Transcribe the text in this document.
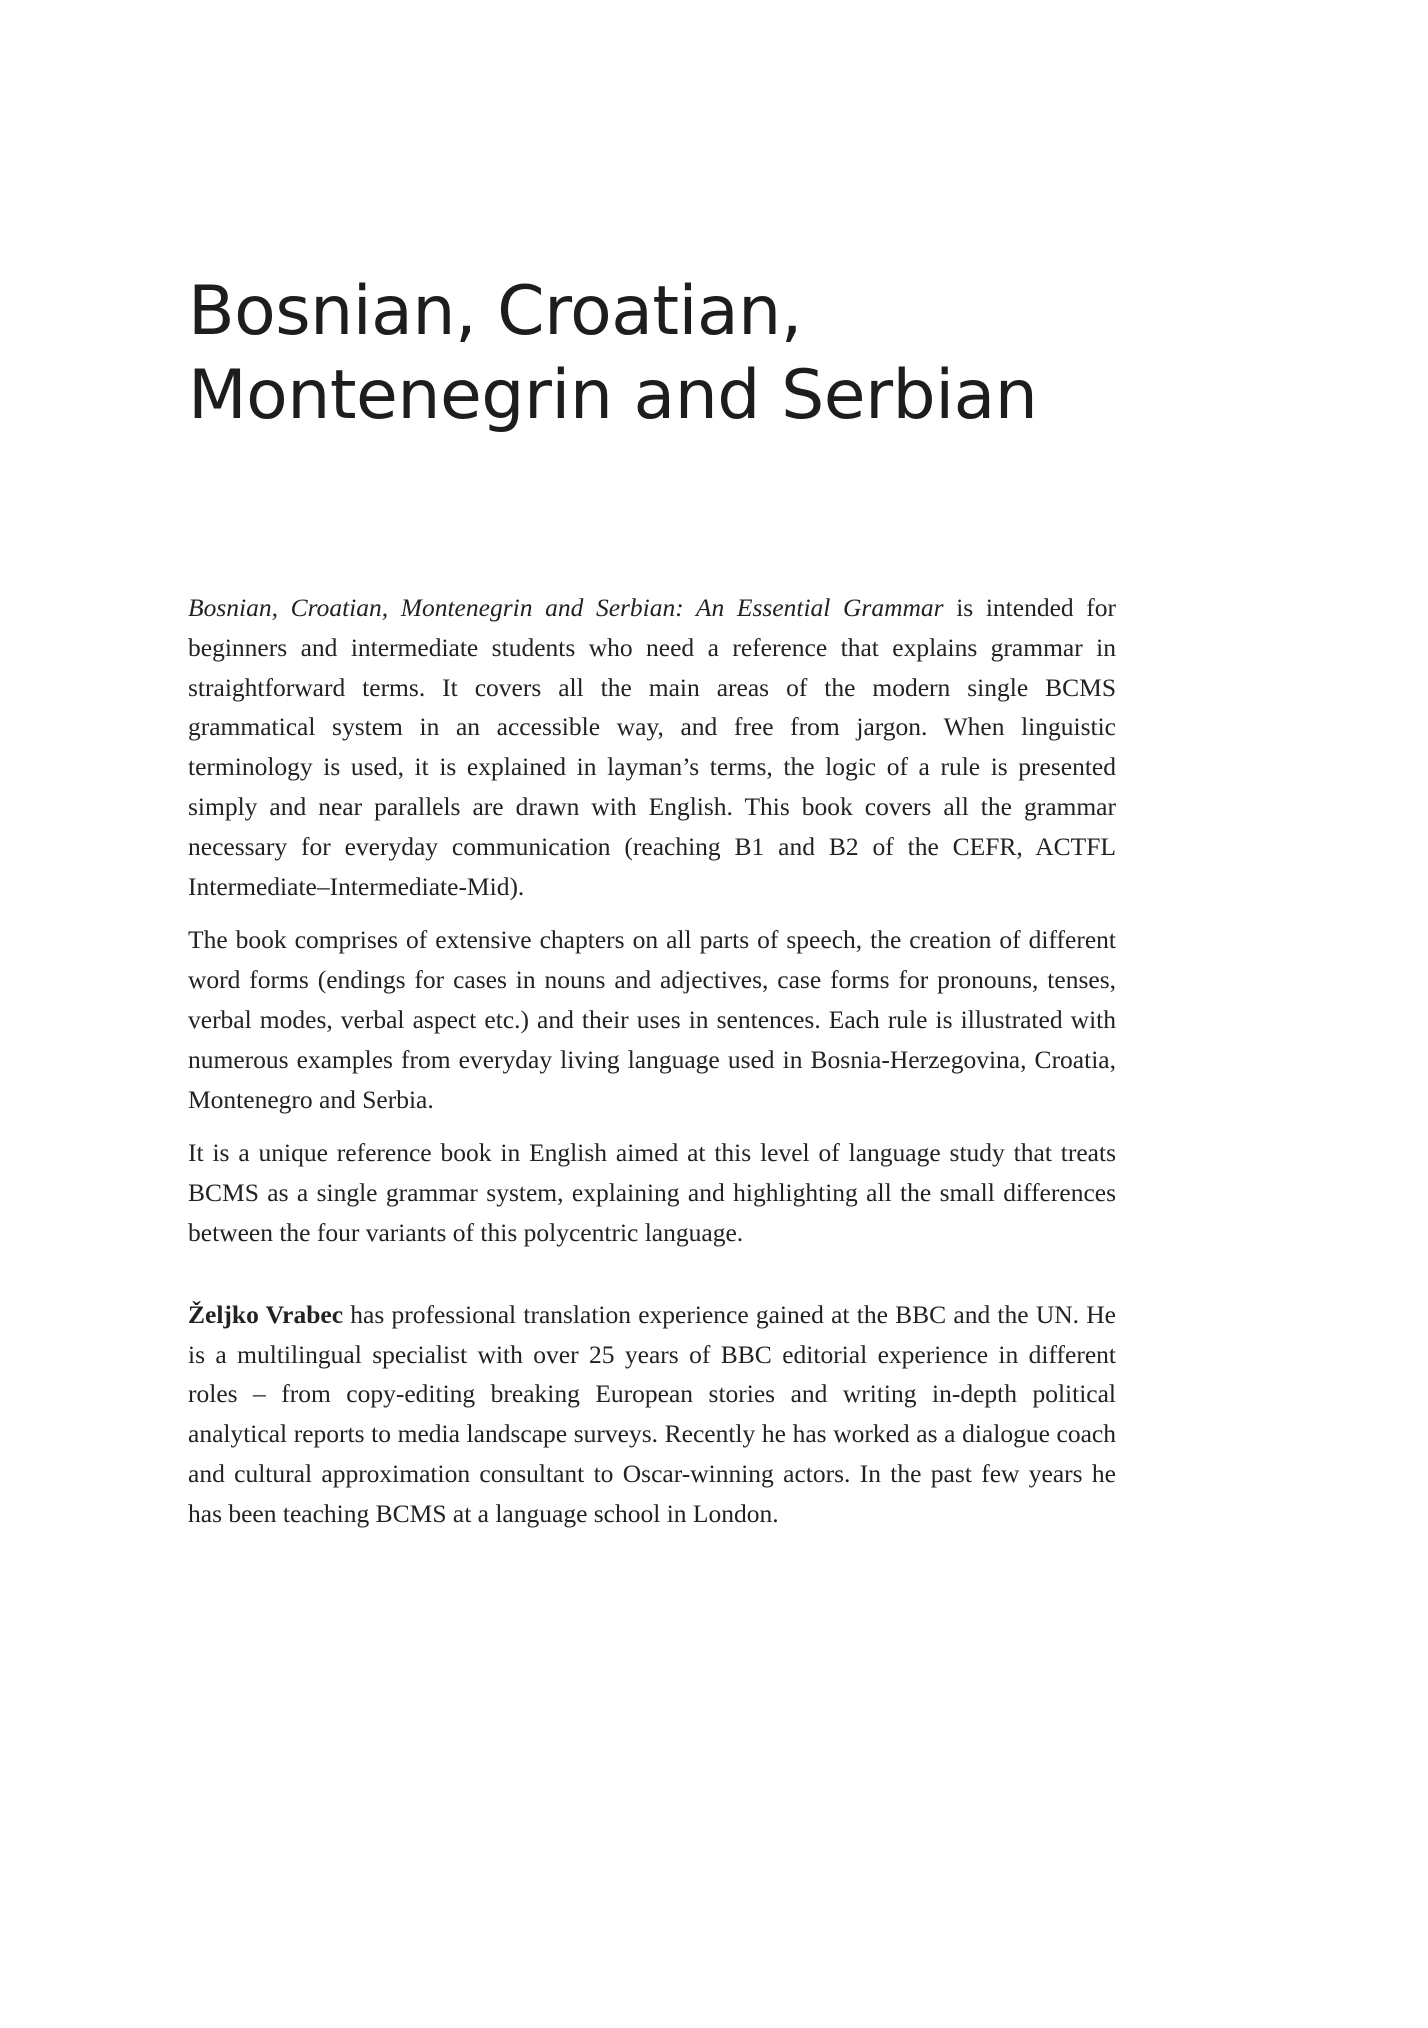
Bosnian, Croatian,
Montenegrin and Serbian

Bosnian, Croatian, Montenegrin and Serbian: An Essential Grammar is intended for beginners and intermediate students who need a reference that explains grammar in straightforward terms. It covers all the main areas of the modern single BCMS grammatical system in an accessible way, and free from jargon. When linguistic terminology is used, it is explained in layman’s terms, the logic of a rule is presented simply and near parallels are drawn with English. This book covers all the grammar necessary for everyday communication (reaching B1 and B2 of the CEFR, ACTFL Intermediate–Intermediate-Mid).

The book comprises of extensive chapters on all parts of speech, the creation of different word forms (endings for cases in nouns and adjectives, case forms for pronouns, tenses, verbal modes, verbal aspect etc.) and their uses in sentences. Each rule is illustrated with numerous examples from everyday living language used in Bosnia-Herzegovina, Croatia, Montenegro and Serbia.

It is a unique reference book in English aimed at this level of language study that treats BCMS as a single grammar system, explaining and highlighting all the small differences between the four variants of this polycentric language.

Željko Vrabec has professional translation experience gained at the BBC and the UN. He is a multilingual specialist with over 25 years of BBC editorial experience in different roles – from copy-editing breaking European stories and writing in-depth political analytical reports to media landscape surveys. Recently he has worked as a dialogue coach and cultural approximation consultant to Oscar-winning actors. In the past few years he has been teaching BCMS at a language school in London.
